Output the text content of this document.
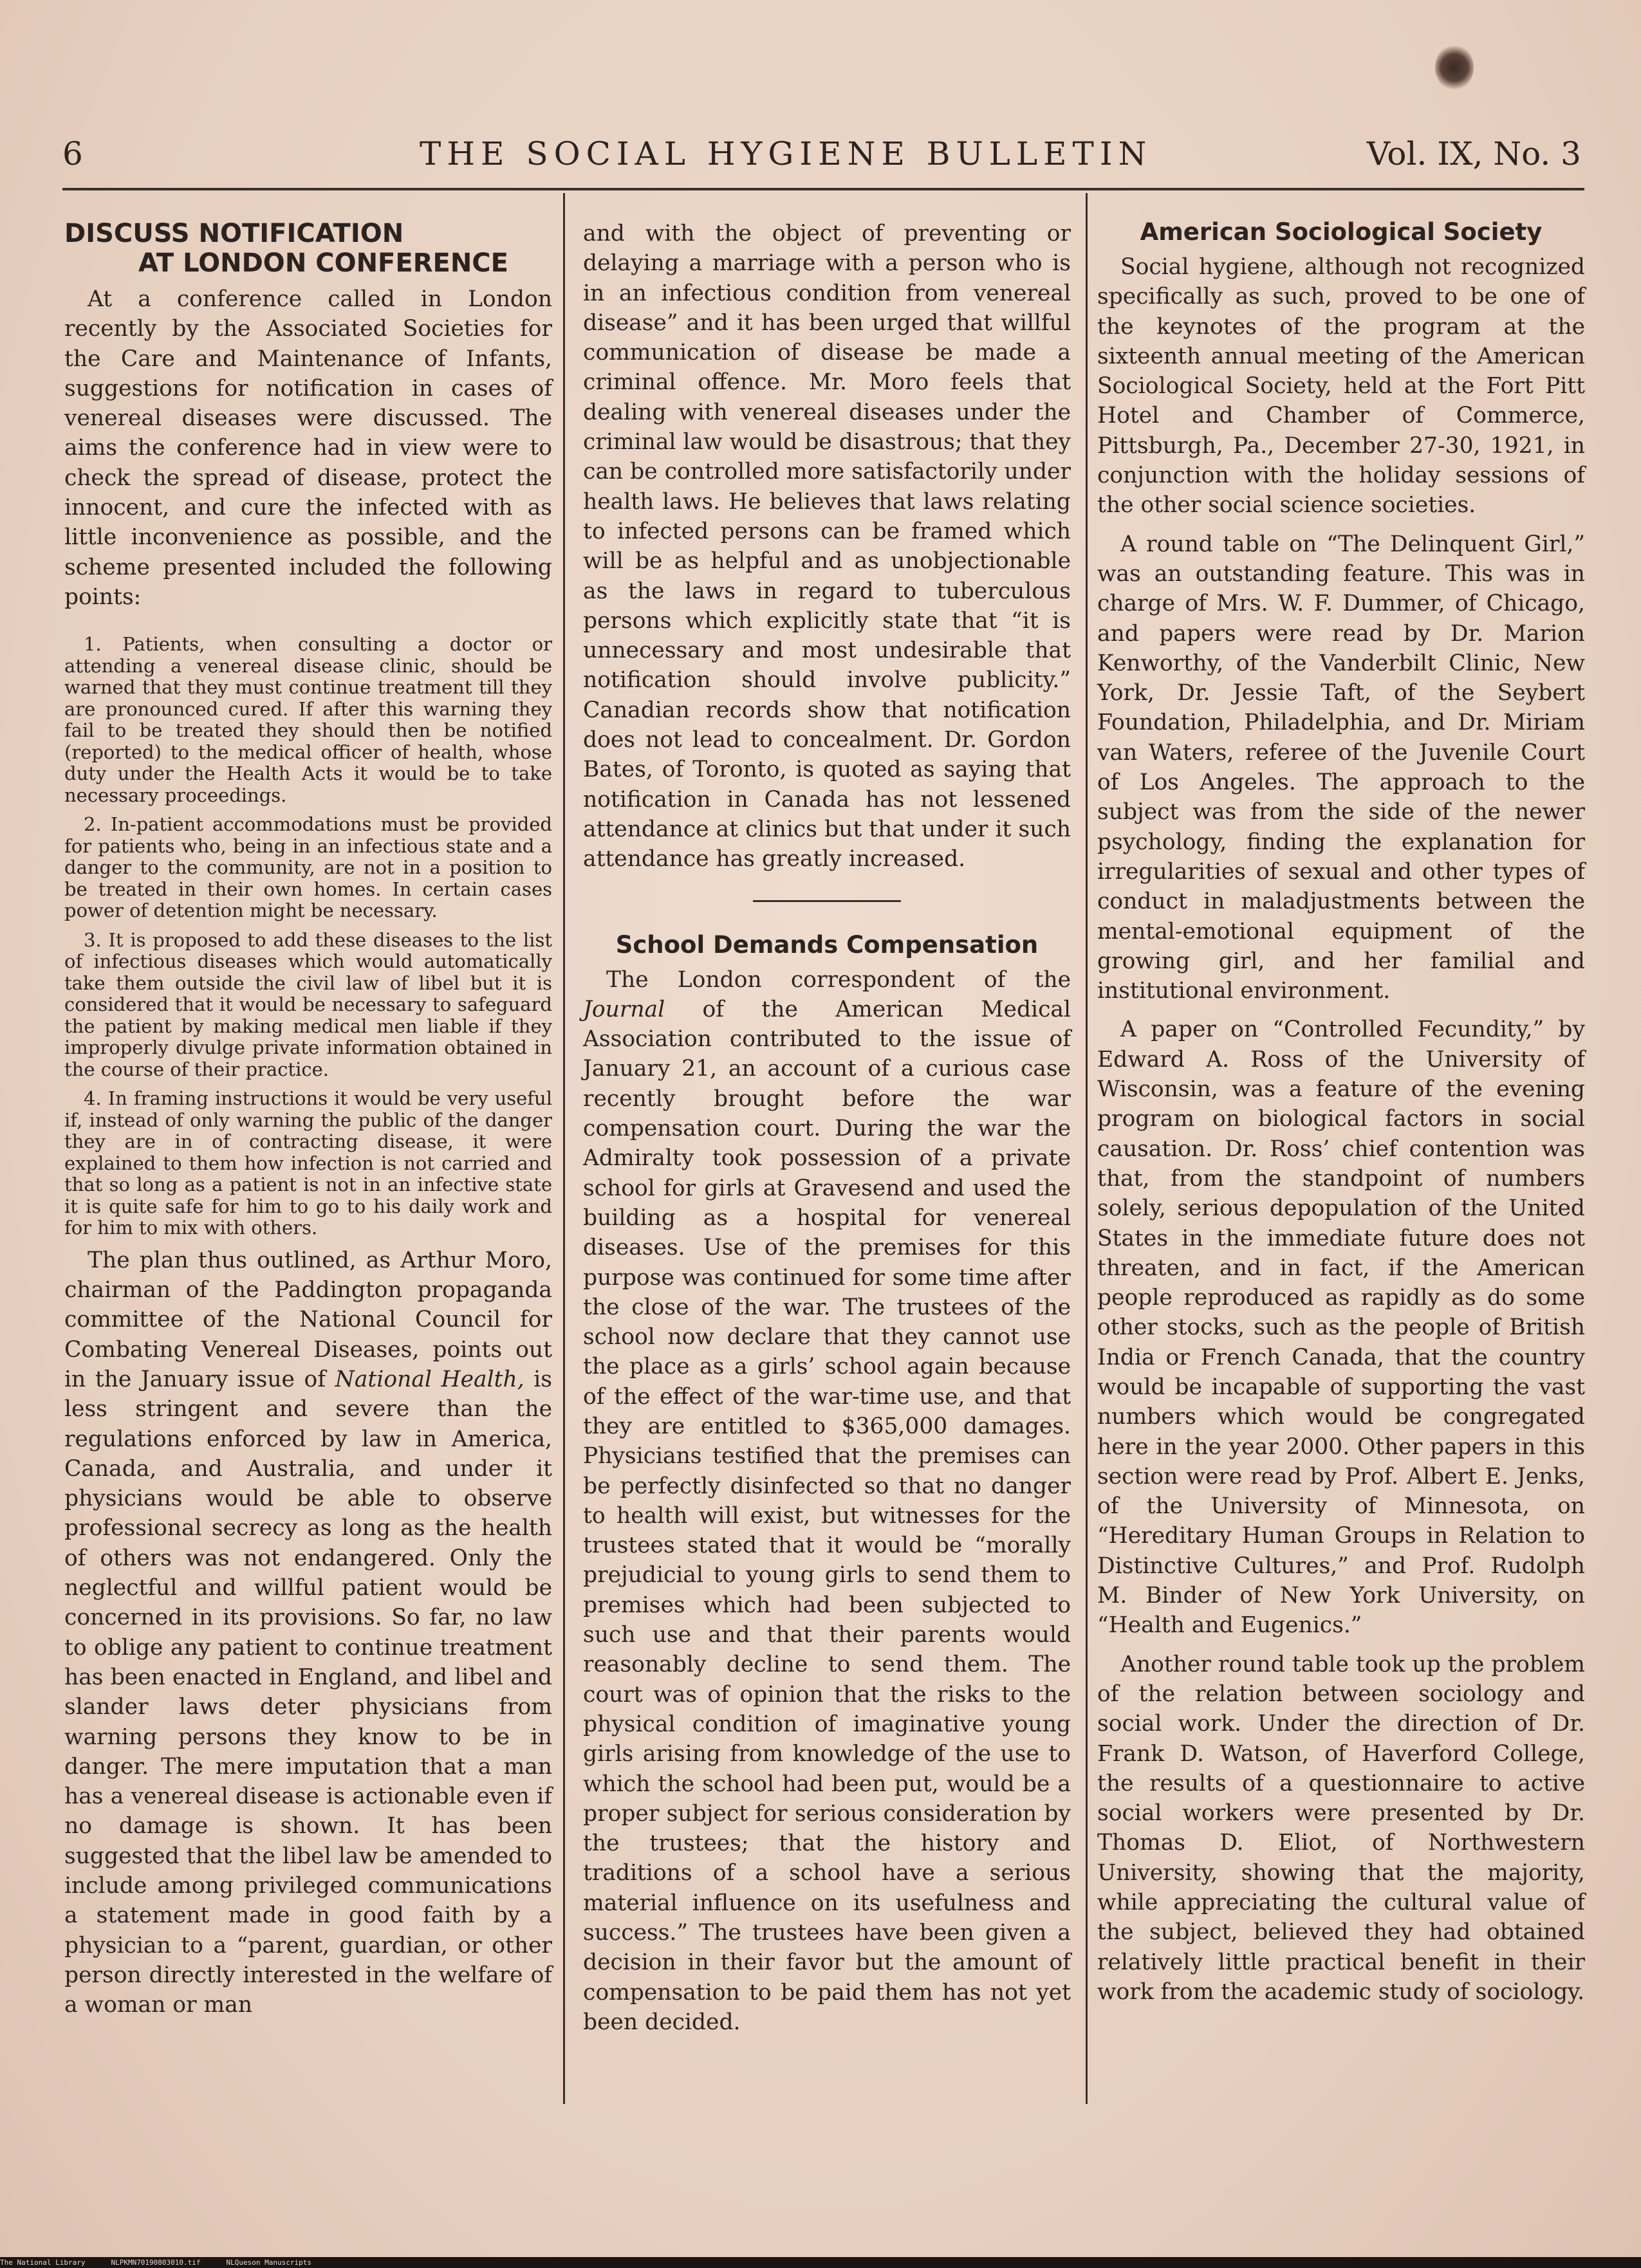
6	THE SOCIAL HYGIENE BULLETIN	Vol. IX, No. 3
DISCUSS NOTIFICATION
AT LONDON CONFERENCE

At a conference called in London recently by the Associated Societies for the Care and Maintenance of Infants, suggestions for notification in cases of venereal diseases were discussed. The aims the conference had in view were to check the spread of disease, protect the innocent, and cure the infected with as little inconvenience as possible, and the scheme presented included the following points:

1. Patients, when consulting a doctor or attending a venereal disease clinic, should be warned that they must continue treatment till they are pronounced cured. If after this warning they fail to be treated they should then be notified (reported) to the medical officer of health, whose duty under the Health Acts it would be to take necessary proceedings.

2. In-patient accommodations must be provided for patients who, being in an infectious state and a danger to the community, are not in a position to be treated in their own homes. In certain cases power of detention might be necessary.

3. It is proposed to add these diseases to the list of infectious diseases which would automatically take them outside the civil law of libel but it is considered that it would be necessary to safeguard the patient by making medical men liable if they improperly divulge private information obtained in the course of their practice.

4. In framing instructions it would be very useful if, instead of only warning the public of the danger they are in of contracting disease, it were explained to them how infection is not carried and that so long as a patient is not in an infective state it is quite safe for him to go to his daily work and for him to mix with others.

The plan thus outlined, as Arthur Moro, chairman of the Paddington propaganda committee of the National Council for Combating Venereal Diseases, points out in the January issue of National Health, is less stringent and severe than the regulations enforced by law in America, Canada, and Australia, and under it physicians would be able to observe professional secrecy as long as the health of others was not endangered. Only the neglectful and willful patient would be concerned in its provisions. So far, no law to oblige any patient to continue treatment has been enacted in England, and libel and slander laws deter physicians from warning persons they know to be in danger. The mere imputation that a man has a venereal disease is actionable even if no damage is shown. It has been suggested that the libel law be amended to include among privileged communications a statement made in good faith by a physician to a “parent, guardian, or other person directly interested in the welfare of a woman or man

and with the object of preventing or delaying a marriage with a person who is in an infectious condition from venereal disease” and it has been urged that willful communication of disease be made a criminal offence. Mr. Moro feels that dealing with venereal diseases under the criminal law would be disastrous; that they can be controlled more satisfactorily under health laws. He believes that laws relating to infected persons can be framed which will be as helpful and as unobjectionable as the laws in regard to tuberculous persons which explicitly state that “it is unnecessary and most undesirable that notification should involve publicity.” Canadian records show that notification does not lead to concealment. Dr. Gordon Bates, of Toronto, is quoted as saying that notification in Canada has not lessened attendance at clinics but that under it such attendance has greatly increased.

School Demands Compensation

The London correspondent of the Journal of the American Medical Association contributed to the issue of January 21, an account of a curious case recently brought before the war compensation court. During the war the Admiralty took possession of a private school for girls at Gravesend and used the building as a hospital for venereal diseases. Use of the premises for this purpose was continued for some time after the close of the war. The trustees of the school now declare that they cannot use the place as a girls’ school again because of the effect of the war-time use, and that they are entitled to $365,000 damages. Physicians testified that the premises can be perfectly disinfected so that no danger to health will exist, but witnesses for the trustees stated that it would be “morally prejudicial to young girls to send them to premises which had been subjected to such use and that their parents would reasonably decline to send them. The court was of opinion that the risks to the physical condition of imaginative young girls arising from knowledge of the use to which the school had been put, would be a proper subject for serious consideration by the trustees; that the history and traditions of a school have a serious material influence on its usefulness and success.” The trustees have been given a decision in their favor but the amount of compensation to be paid them has not yet been decided.

American Sociological Society

Social hygiene, although not recognized specifically as such, proved to be one of the keynotes of the program at the sixteenth annual meeting of the American Sociological Society, held at the Fort Pitt Hotel and Chamber of Commerce, Pittsburgh, Pa., December 27-30, 1921, in conjunction with the holiday sessions of the other social science societies.

A round table on “The Delinquent Girl,” was an outstanding feature. This was in charge of Mrs. W. F. Dummer, of Chicago, and papers were read by Dr. Marion Kenworthy, of the Vanderbilt Clinic, New York, Dr. Jessie Taft, of the Seybert Foundation, Philadelphia, and Dr. Miriam van Waters, referee of the Juvenile Court of Los Angeles. The approach to the subject was from the side of the newer psychology, finding the explanation for irregularities of sexual and other types of conduct in maladjustments between the mental-emotional equipment of the growing girl, and her familial and institutional environment.

A paper on “Controlled Fecundity,” by Edward A. Ross of the University of Wisconsin, was a feature of the evening program on biological factors in social causation. Dr. Ross’ chief contention was that, from the standpoint of numbers solely, serious depopulation of the United States in the immediate future does not threaten, and in fact, if the American people reproduced as rapidly as do some other stocks, such as the people of British India or French Canada, that the country would be incapable of supporting the vast numbers which would be congregated here in the year 2000. Other papers in this section were read by Prof. Albert E. Jenks, of the University of Minnesota, on “Hereditary Human Groups in Relation to Distinctive Cultures,” and Prof. Rudolph M. Binder of New York University, on “Health and Eugenics.”

Another round table took up the problem of the relation between sociology and social work. Under the direction of Dr. Frank D. Watson, of Haverford College, the results of a questionnaire to active social workers were presented by Dr. Thomas D. Eliot, of Northwestern University, showing that the majority, while appreciating the cultural value of the subject, believed they had obtained relatively little practical benefit in their work from the academic study of sociology.

The National Library	NLPKMN70190803010.tif	NLQueson Manuscripts
